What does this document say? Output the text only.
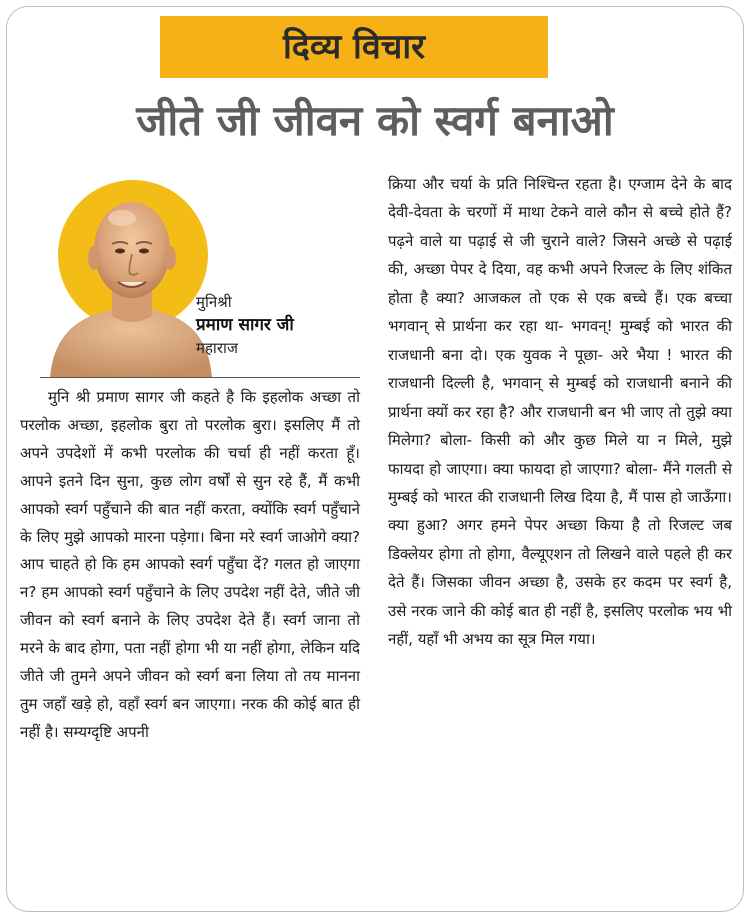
दिव्य विचार
जीते जी जीवन को स्वर्ग बनाओ
मुनिश्री
प्रमाण सागर जी
महाराज

मुनि श्री प्रमाण सागर जी कहते है कि इहलोक अच्छा तो परलोक अच्छा, इहलोक बुरा तो परलोक बुरा। इसलिए मैं तो अपने उपदेशों में कभी परलोक की चर्चा ही नहीं करता हूँ। आपने इतने दिन सुना, कुछ लोग वर्षों से सुन रहे हैं, मैं कभी आपको स्वर्ग पहुँचाने की बात नहीं करता, क्योंकि स्वर्ग पहुँचाने के लिए मुझे आपको मारना पड़ेगा। बिना मरे स्वर्ग जाओगे क्या? आप चाहते हो कि हम आपको स्वर्ग पहुँचा दें? गलत हो जाएगा न? हम आपको स्वर्ग पहुँचाने के लिए उपदेश नहीं देते, जीते जी जीवन को स्वर्ग बनाने के लिए उपदेश देते हैं। स्वर्ग जाना तो मरने के बाद होगा, पता नहीं होगा भी या नहीं होगा, लेकिन यदि जीते जी तुमने अपने जीवन को स्वर्ग बना लिया तो तय मानना तुम जहाँ खड़े हो, वहाँ स्वर्ग बन जाएगा। नरक की कोई बात ही नहीं है। सम्यग्दृष्टि अपनी

क्रिया और चर्या के प्रति निश्चिन्त रहता है। एग्जाम देने के बाद देवी-देवता के चरणों में माथा टेकने वाले कौन से बच्चे होते हैं? पढ़ने वाले या पढ़ाई से जी चुराने वाले? जिसने अच्छे से पढ़ाई की, अच्छा पेपर दे दिया, वह कभी अपने रिजल्ट के लिए शंकित होता है क्या? आजकल तो एक से एक बच्चे हैं। एक बच्चा भगवान् से प्रार्थना कर रहा था- भगवन्! मुम्बई को भारत की राजधानी बना दो। एक युवक ने पूछा- अरे भैया ! भारत की राजधानी दिल्ली है, भगवान् से मुम्बई को राजधानी बनाने की प्रार्थना क्यों कर रहा है? और राजधानी बन भी जाए तो तुझे क्या मिलेगा? बोला- किसी को और कुछ मिले या न मिले, मुझे फायदा हो जाएगा। क्या फायदा हो जाएगा? बोला- मैंने गलती से मुम्बई को भारत की राजधानी लिख दिया है, मैं पास हो जाऊँगा। क्या हुआ? अगर हमने पेपर अच्छा किया है तो रिजल्ट जब डिक्लेयर होगा तो होगा, वैल्यूएशन तो लिखने वाले पहले ही कर देते हैं। जिसका जीवन अच्छा है, उसके हर कदम पर स्वर्ग है, उसे नरक जाने की कोई बात ही नहीं है, इसलिए परलोक भय भी नहीं, यहाँ भी अभय का सूत्र मिल गया।
